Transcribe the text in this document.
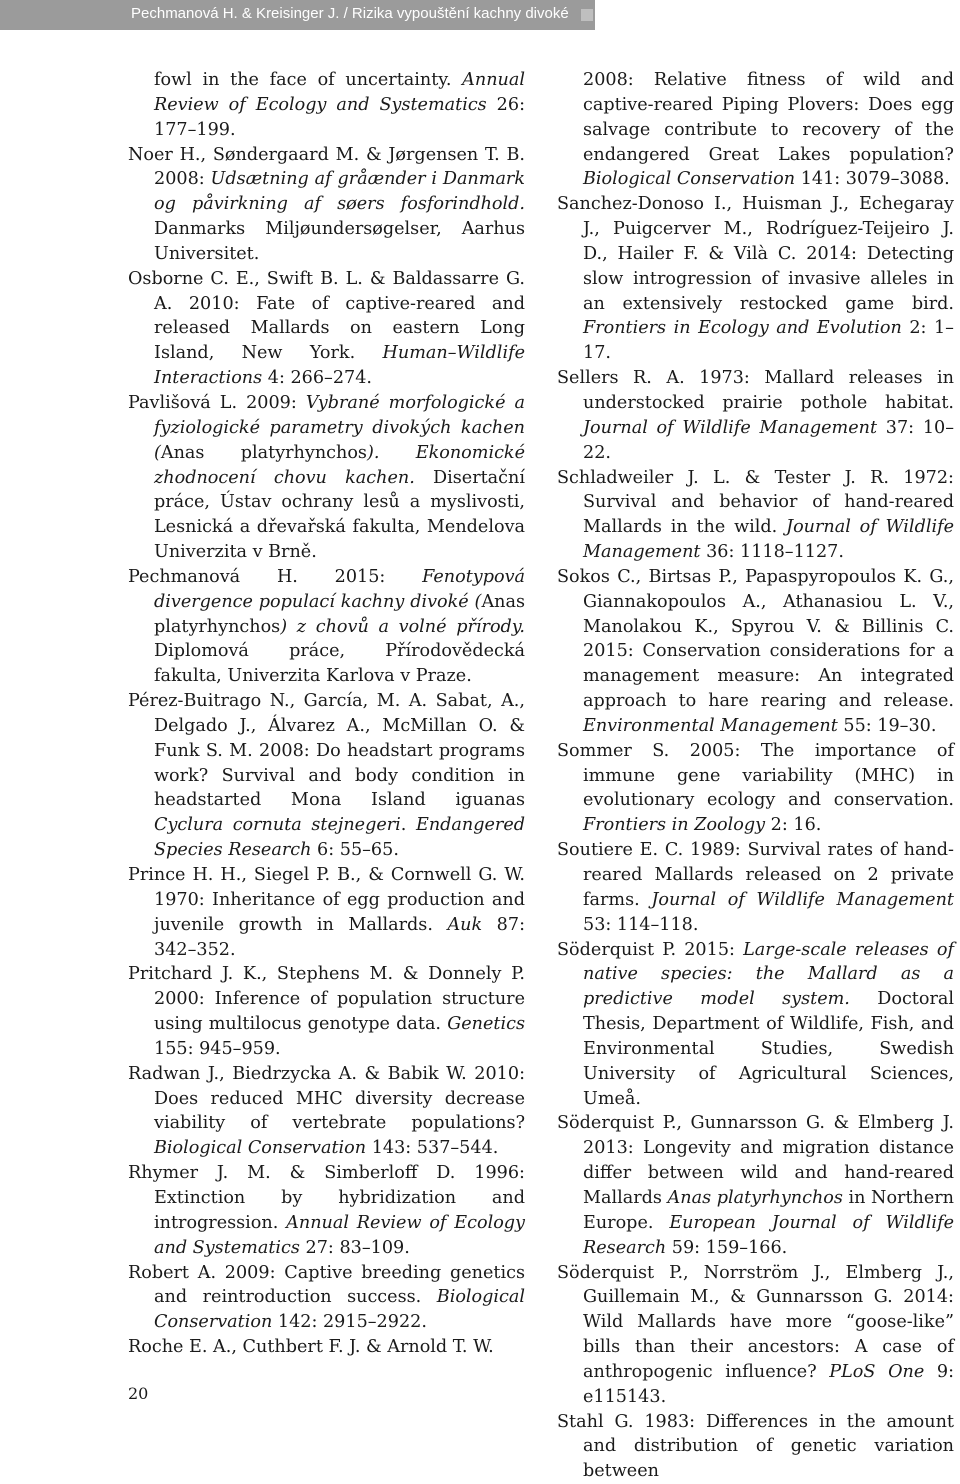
Pechmanová H. & Kreisinger J. / Rizika vypouštění kachny divoké

fowl in the face of uncertainty. Annual Review of Ecology and Systematics 26: 177–199.

Noer H., Søndergaard M. & Jørgensen T. B. 2008: Udsætning af gråænder i Danmark og påvirkning af søers fosforindhold. Danmarks Miljøundersøgelser, Aarhus Universitet.

Osborne C. E., Swift B. L. & Baldassarre G. A. 2010: Fate of captive-reared and released Mallards on eastern Long Island, New York. Human–Wildlife Interactions 4: 266–274.

Pavlišová L. 2009: Vybrané morfologické a fyziologické parametry divokých kachen (Anas platyrhynchos). Ekonomické zhodnocení chovu kachen. Disertační práce, Ústav ochrany lesů a myslivosti, Lesnická a dřevařská fakulta, Mendelova Univerzita v Brně.

Pechmanová H. 2015: Fenotypová divergence populací kachny divoké (Anas platyrhynchos) z chovů a volné přírody. Diplomová práce, Přírodovědecká fakulta, Univerzita Karlova v Praze.

Pérez-Buitrago N., García, M. A. Sabat, A., Delgado J., Álvarez A., McMillan O. & Funk S. M. 2008: Do headstart programs work? Survival and body condition in headstarted Mona Island iguanas Cyclura cornuta stejnegeri. Endangered Species Research 6: 55–65.

Prince H. H., Siegel P. B., & Cornwell G. W. 1970: Inheritance of egg production and juvenile growth in Mallards. Auk 87: 342–352.

Pritchard J. K., Stephens M. & Donnely P. 2000: Inference of population structure using multilocus genotype data. Genetics 155: 945–959.

Radwan J., Biedrzycka A. & Babik W. 2010: Does reduced MHC diversity decrease viability of vertebrate populations? Biological Conservation 143: 537–544.

Rhymer J. M. & Simberloff D. 1996: Extinction by hybridization and introgression. Annual Review of Ecology and Systematics 27: 83–109.

Robert A. 2009: Captive breeding genetics and reintroduction success. Biological Conservation 142: 2915–2922.

Roche E. A., Cuthbert F. J. & Arnold T. W.

2008: Relative fitness of wild and captive-reared Piping Plovers: Does egg salvage contribute to recovery of the endangered Great Lakes population? Biological Conservation 141: 3079–3088.

Sanchez-Donoso I., Huisman J., Echegaray J., Puigcerver M., Rodríguez-Teijeiro J. D., Hailer F. & Vilà C. 2014: Detecting slow introgression of invasive alleles in an extensively restocked game bird. Frontiers in Ecology and Evolution 2: 1–17.

Sellers R. A. 1973: Mallard releases in understocked prairie pothole habitat. Journal of Wildlife Management 37: 10–22.

Schladweiler J. L. & Tester J. R. 1972: Survival and behavior of hand-reared Mallards in the wild. Journal of Wildlife Management 36: 1118–1127.

Sokos C., Birtsas P., Papaspyropoulos K. G., Giannakopoulos A., Athanasiou L. V., Manolakou K., Spyrou V. & Billinis C. 2015: Conservation considerations for a management measure: An integrated approach to hare rearing and release. Environmental Management 55: 19–30.

Sommer S. 2005: The importance of immune gene variability (MHC) in evolutionary ecology and conservation. Frontiers in Zoology 2: 16.

Soutiere E. C. 1989: Survival rates of hand-reared Mallards released on 2 private farms. Journal of Wildlife Management 53: 114–118.

Söderquist P. 2015: Large-scale releases of native species: the Mallard as a predictive model system. Doctoral Thesis, Department of Wildlife, Fish, and Environmental Studies, Swedish University of Agricultural Sciences, Umeå.

Söderquist P., Gunnarsson G. & Elmberg J. 2013: Longevity and migration distance differ between wild and hand-reared Mallards Anas platyrhynchos in Northern Europe. European Journal of Wildlife Research 59: 159–166.

Söderquist P., Norrström J., Elmberg J., Guillemain M., & Gunnarsson G. 2014: Wild Mallards have more “goose-like” bills than their ancestors: A case of anthropogenic influence? PLoS One 9: e115143.

Stahl G. 1983: Differences in the amount and distribution of genetic variation between

20
